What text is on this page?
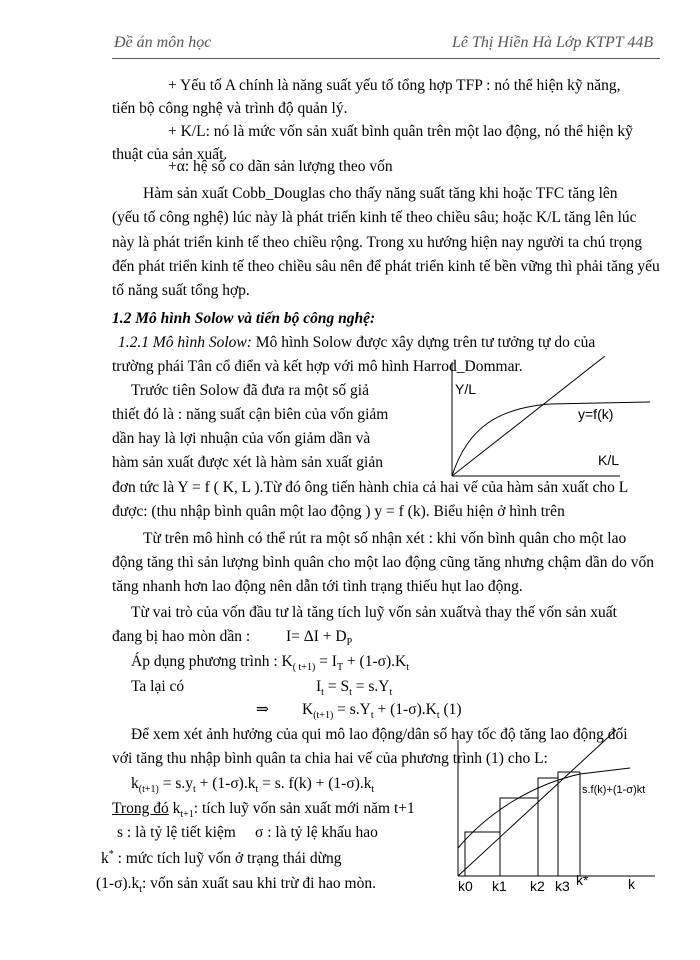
Đề án môn học	Lê Thị Hiền Hà Lớp KTPT 44B
+ Yếu tố A chính là năng suất yếu tố tổng hợp TFP : nó thể hiện kỹ năng,
tiến bộ công nghệ và trình độ quản lý.
+ K/L: nó là mức vốn sản xuất bình quân trên một lao động, nó thể hiện kỹ
thuật của sản xuất.
+α: hệ số co dãn sản lượng theo vốn
Hàm sản xuất Cobb_Douglas cho thấy năng suất tăng khi hoặc TFC tăng lên
(yếu tố công nghệ) lúc này là phát triển kinh tế theo chiều sâu; hoặc K/L tăng lên lúc
này là phát triển kinh tế theo chiều rộng. Trong xu hướng hiện nay người ta chú trọng
đến phát triển kinh tế theo chiều sâu nên để phát triển kinh tế bền vững thì phải tăng yếu
tố năng suất tổng hợp.
1.2 Mô hình Solow và tiến bộ công nghệ:
1.2.1 Mô hình Solow: Mô hình Solow được xây dựng trên tư tưởng tự do của
trường phái Tân cổ điển và kết hợp với mô hình Harrod_Dommar.
Trước tiên Solow đã đưa ra một số giả
thiết đó là : năng suất cận biên của vốn giảm
dần hay là lợi nhuận của vốn giảm dần và
hàm sản xuất được xét là hàm sản xuất giản
đơn tức là Y = f ( K, L ).Từ đó ông tiến hành chia cả hai vế của hàm sản xuất cho L
được: (thu nhập bình quân một lao động ) y = f (k). Biểu hiện ở hình trên
Y/L
y=f(k)
K/L
Từ trên mô hình có thể rút ra một số nhận xét : khi vốn bình quân cho một lao
động tăng thì sản lượng bình quân cho một lao động cũng tăng nhưng chậm dần do vốn
tăng nhanh hơn lao động nên dẫn tới tình trạng thiếu hụt lao động.
Từ vai trò của vốn đầu tư là tăng tích luỹ vốn sản xuấtvà thay thế vốn sản xuất
đang bị hao mòn dần : $I= \Delta I + D_P$
Áp dụng phương trình : $K_{( t+1)} = I_T + (1-\sigma).K_t$
Ta lại có	$I_t = S_t = s.Y_t$
⇒ $K_{(t+1)} = s.Y_t + (1-\sigma).K_t$ (1)
Để xem xét ảnh hưởng của qui mô lao động/dân số hay tốc độ tăng lao động đối
với tăng thu nhập bình quân ta chia hai vế của phương trình (1) cho L:
$k_{(t+1)} = s.y_t + (1-\sigma).k_t = s$. $f(k) + (1-\sigma).k_t$
Trong đó $k_{t+1}$: tích luỹ vốn sản xuất mới năm t+1
s : là tỷ lệ tiết kiệm σ : là tỷ lệ khấu hao
k* : mức tích luỹ vốn ở trạng thái dừng
$(1-\sigma).k_t$: vốn sản xuất sau khi trừ đi hao mòn.
s.f(k)+(1-σ)kt
k0 k1 k2 k3 k*	k
